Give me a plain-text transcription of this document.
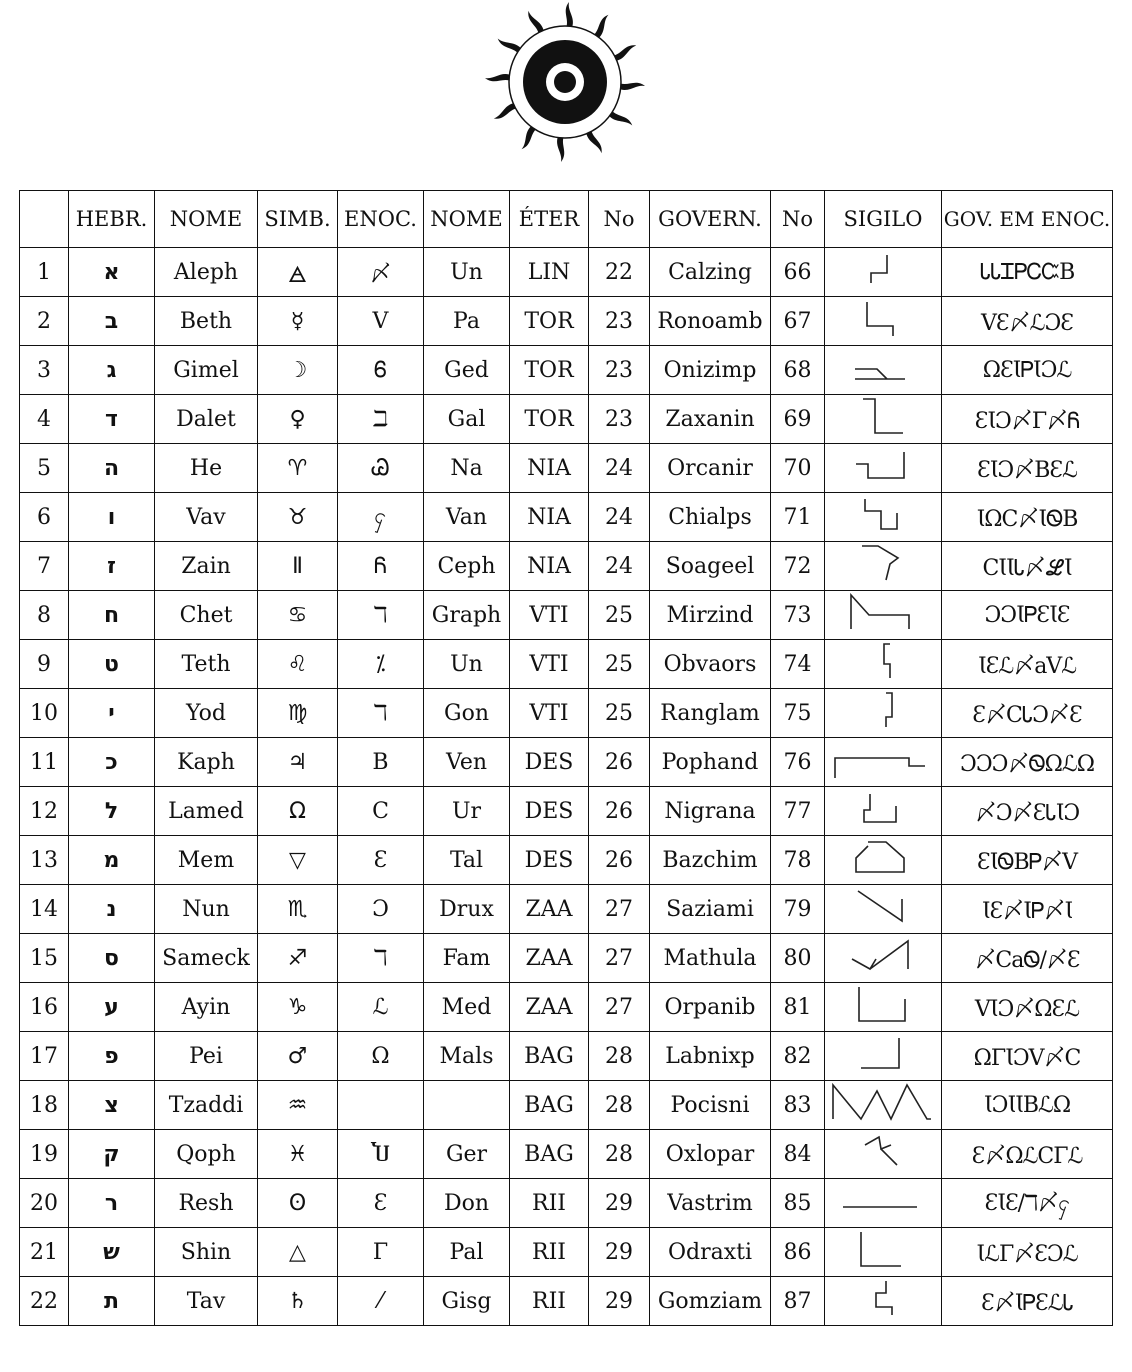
	HEBR.	NOME	SIMB.	ENOC.	NOME	ÉTER	No	GOVERN.	No	SIGILO	GOV. EM ENOC.
1	א	Aleph	🜁	〆	Un	LIN	22	Calzing	66		ᏓᏓᏆᏢᏟᏨB
2	ב	Beth	☿	V	Pa	TOR	23	Ronoamb	67		VƐ〆ℒƆƐ
3	ג	Gimel	☽	Ꮾ	Ged	TOR	23	Onizimp	68		ΩƐƖᏢƖƆℒ
4	ד	Dalet	♀	ℶ	Gal	TOR	23	Zaxanin	69		ƐƖƆ〆Γ〆Ᏺ
5	ה	He	♈	Ꮚ	Na	NIA	24	Orcanir	70		ƐƖƆ〆BƐℒ
6	ו	Vav	♉	ႁ	Van	NIA	24	Chialps	71		ƖΩC〆ƖᏫB
7	ז	Zain	Ⅱ	Ᏺ	Ceph	NIA	24	Soageel	72		CƖƖᏓ〆ℒƖ
8	ח	Chet	♋	ℸ	Graph	VTI	25	Mirzind	73		ƆƆƖᏢƐƖƐ
9	ט	Teth	♌	⁒	Un	VTI	25	Obvaors	74		ƖƐℒ〆aVℒ
10	י	Yod	♍	ℸ	Gon	VTI	25	Ranglam	75		Ɛ〆CᏓƆ〆Ɛ
11	כ	Kaph	♃	B	Ven	DES	26	Pophand	76		ƆƆƆ〆ᏫΩℒΩ
12	ל	Lamed	Ω	C	Ur	DES	26	Nigrana	77		〆Ɔ〆ƐᏓƖƆ
13	מ	Mem	▽	Ɛ	Tal	DES	26	Bazchim	78		ƐƖᏫBᏢ〆V
14	נ	Nun	♏	Ɔ	Drux	ZAA	27	Saziami	79		ƖƐ〆ƖᏢ〆Ɩ
15	ס	Sameck	♐	ℸ	Fam	ZAA	27	Mathula	80		〆CaᏫ/〆Ɛ
16	ע	Ayin	♑	ℒ	Med	ZAA	27	Orpanib	81		VƖƆ〆ΩƐℒ
17	פ	Pei	♂	Ω	Mals	BAG	28	Labnixp	82		ΩΓƖƆV〆C
18	צ	Tzaddi	♒			BAG	28	Pocisni	83		ƖƆƖƖBℒΩ
19	ק	Qoph	♓	Ⴎ	Ger	BAG	28	Oxlopar	84		Ɛ〆ΩℒCΓℒ
20	ר	Resh	ʘ	Ɛ	Don	RII	29	Vastrim	85		ƐƖƐ/ℸ〆ႁ
21	ש	Shin	△	Γ	Pal	RII	29	Odraxti	86		ƖℒΓ〆ƐƆℒ
22	ת	Tav	♄	⁄	Gisg	RII	29	Gomziam	87		Ɛ〆ƖᏢƐℒᏓ
